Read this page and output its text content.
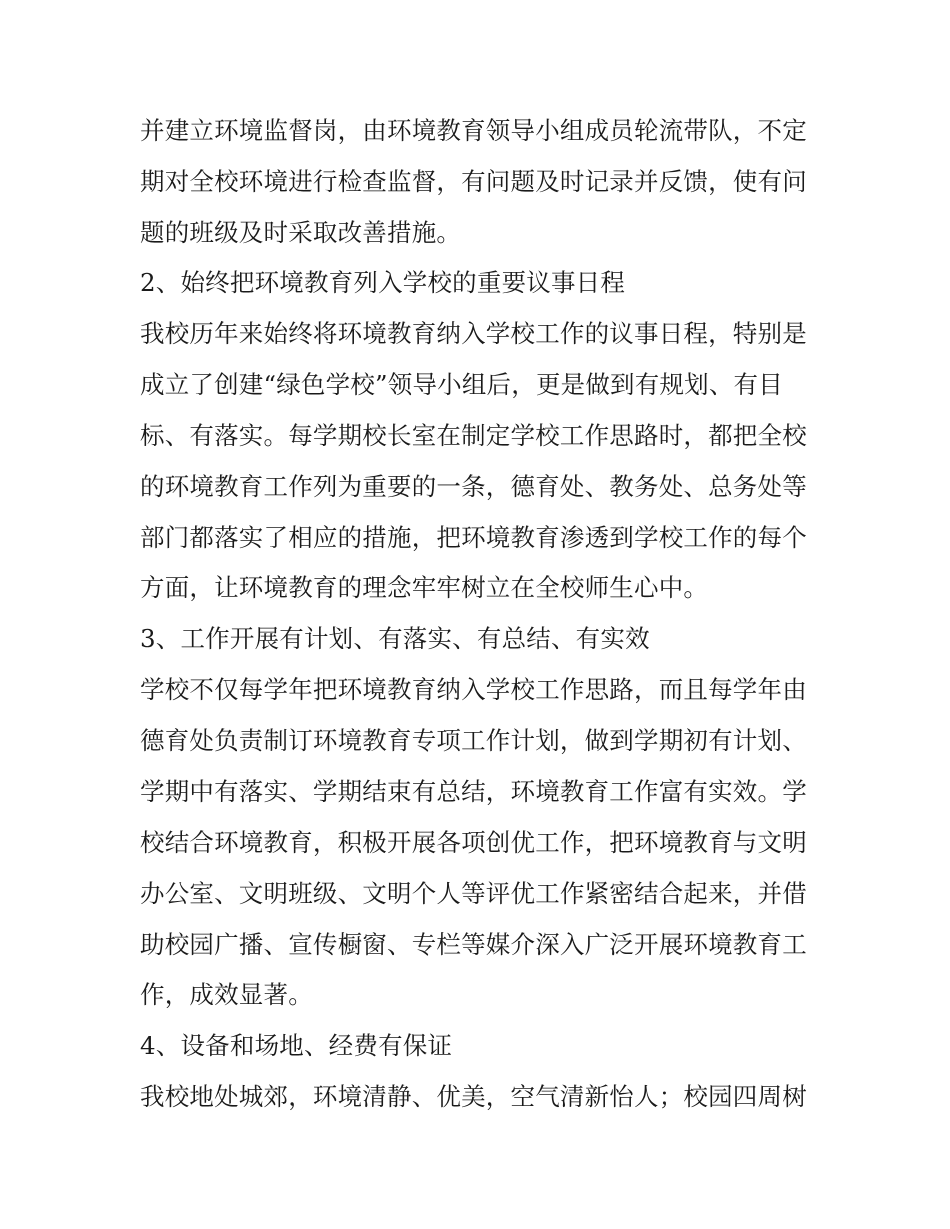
并建立环境监督岗，由环境教育领导小组成员轮流带队，不定
期对全校环境进行检查监督，有问题及时记录并反馈，使有问
题的班级及时采取改善措施。
2、始终把环境教育列入学校的重要议事日程
我校历年来始终将环境教育纳入学校工作的议事日程，特别是
成立了创建“绿色学校”领导小组后，更是做到有规划、有目
标、有落实。每学期校长室在制定学校工作思路时，都把全校
的环境教育工作列为重要的一条，德育处、教务处、总务处等
部门都落实了相应的措施，把环境教育渗透到学校工作的每个
方面，让环境教育的理念牢牢树立在全校师生心中。
3、工作开展有计划、有落实、有总结、有实效
学校不仅每学年把环境教育纳入学校工作思路，而且每学年由
德育处负责制订环境教育专项工作计划，做到学期初有计划、
学期中有落实、学期结束有总结，环境教育工作富有实效。学
校结合环境教育，积极开展各项创优工作，把环境教育与文明
办公室、文明班级、文明个人等评优工作紧密结合起来，并借
助校园广播、宣传橱窗、专栏等媒介深入广泛开展环境教育工
作，成效显著。
4、设备和场地、经费有保证
我校地处城郊，环境清静、优美，空气清新怡人；校园四周树
